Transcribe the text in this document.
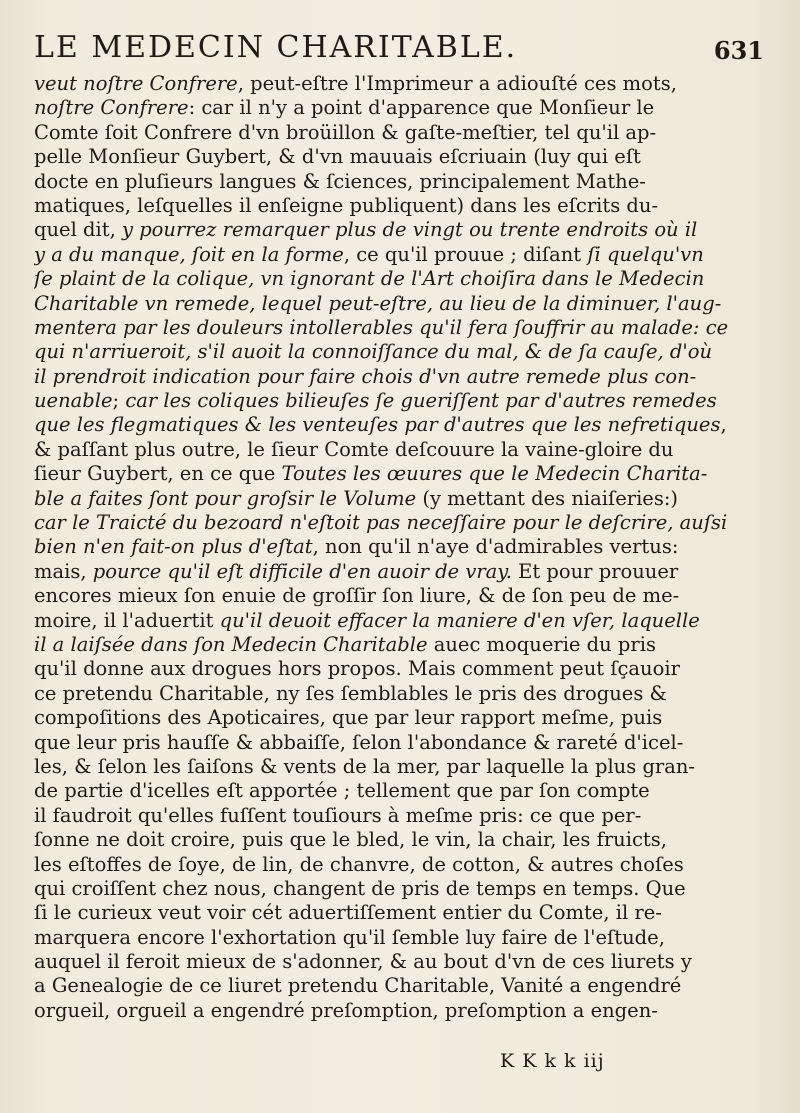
LE MEDECIN CHARITABLE.	631
veut noſtre Confrere, peut-eſtre l'Imprimeur a adiouſté ces mots,
noſtre Confrere: car il n'y a point d'apparence que Monſieur le
Comte ſoit Confrere d'vn broüillon & gaſte-meſtier, tel qu'il ap-
pelle Monſieur Guybert, & d'vn mauuais eſcriuain (luy qui eſt
docte en pluſieurs langues & ſciences, principalement Mathe-
matiques, leſquelles il enſeigne publiquent) dans les eſcrits du-
quel dit, y pourrez remarquer plus de vingt ou trente endroits où il
y a du manque, ſoit en la forme, ce qu'il prouue ; diſant ſi quelqu'vn
ſe plaint de la colique, vn ignorant de l'Art choiſira dans le Medecin
Charitable vn remede, lequel peut-eſtre, au lieu de la diminuer, l'aug-
mentera par les douleurs intollerables qu'il fera ſouffrir au malade: ce
qui n'arriueroit, s'il auoit la connoiſſance du mal, & de ſa cauſe, d'où
il prendroit indication pour faire chois d'vn autre remede plus con-
uenable; car les coliques bilieuſes ſe gueriſſent par d'autres remedes
que les flegmatiques & les venteuſes par d'autres que les nefretiques,
& paſſant plus outre, le ſieur Comte deſcouure la vaine-gloire du
ſieur Guybert, en ce que Toutes les œuures que le Medecin Charita-
ble a faites ſont pour groſsir le Volume (y mettant des niaiſeries:)
car le Traicté du bezoard n'eſtoit pas neceſſaire pour le deſcrire, auſsi
bien n'en fait-on plus d'eſtat, non qu'il n'aye d'admirables vertus:
mais, pource qu'il eſt difficile d'en auoir de vray. Et pour prouuer
encores mieux ſon enuie de groſſir ſon liure, & de ſon peu de me-
moire, il l'aduertit qu'il deuoit effacer la maniere d'en vſer, laquelle
il a laiſsée dans ſon Medecin Charitable auec moquerie du pris
qu'il donne aux drogues hors propos. Mais comment peut ſçauoir
ce pretendu Charitable, ny ſes ſemblables le pris des drogues &
compoſitions des Apoticaires, que par leur rapport meſme, puis
que leur pris hauſſe & abbaiſſe, ſelon l'abondance & rareté d'icel-
les, & ſelon les ſaiſons & vents de la mer, par laquelle la plus gran-
de partie d'icelles eſt apportée ; tellement que par ſon compte
il faudroit qu'elles fuſſent touſiours à meſme pris: ce que per-
ſonne ne doit croire, puis que le bled, le vin, la chair, les fruicts,
les eſtoffes de ſoye, de lin, de chanvre, de cotton, & autres choſes
qui croiſſent chez nous, changent de pris de temps en temps. Que
ſi le curieux veut voir cét aduertiſſement entier du Comte, il re-
marquera encore l'exhortation qu'il ſemble luy faire de l'eſtude,
auquel il feroit mieux de s'adonner, & au bout d'vn de ces liurets y
a Genealogie de ce liuret pretendu Charitable, Vanité a engendré
orgueil, orgueil a engendré preſomption, preſomption a engen-
K K k k iij
